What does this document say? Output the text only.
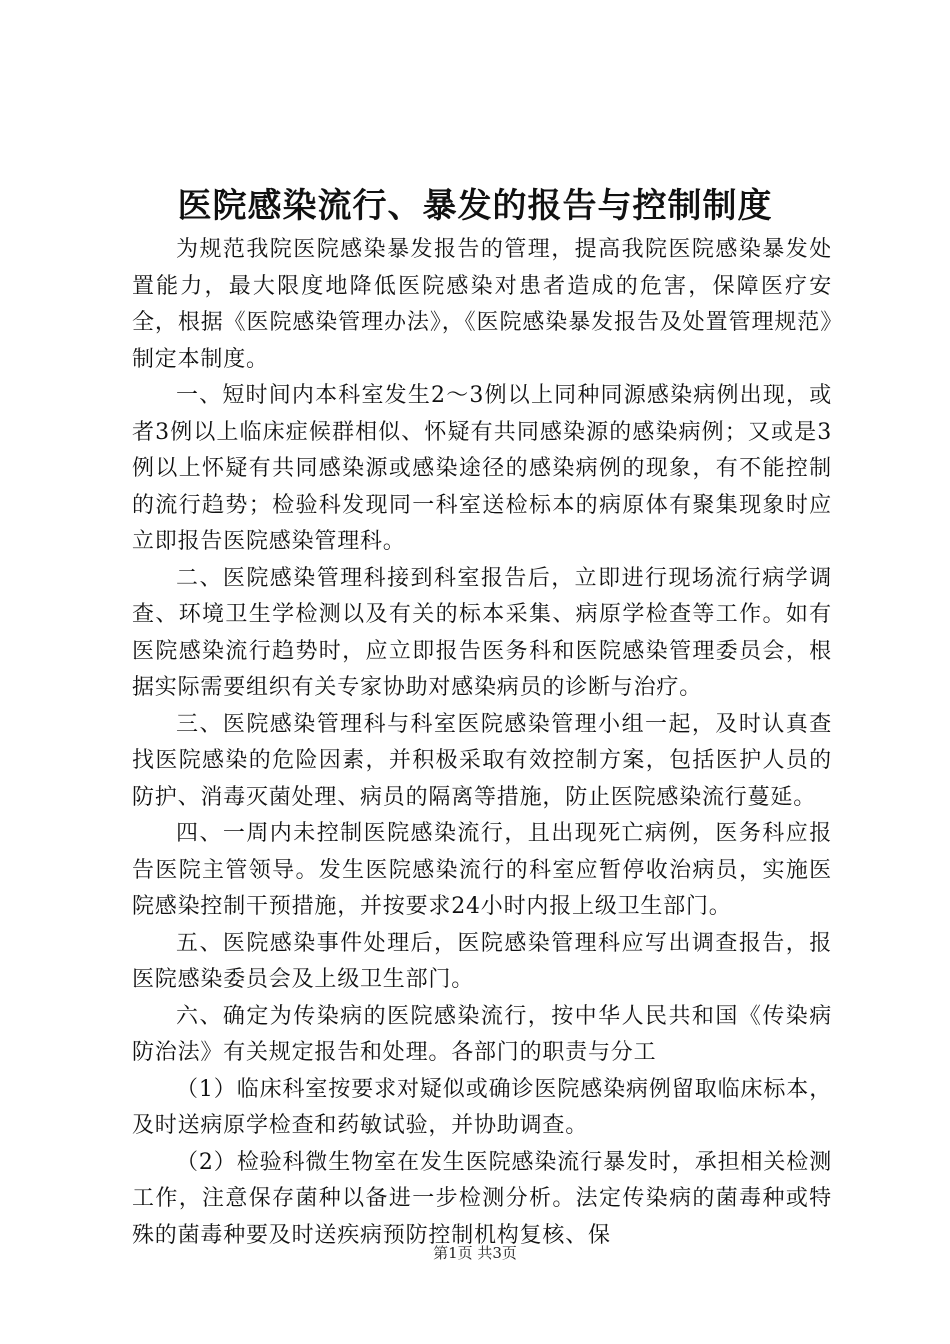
医院感染流行、暴发的报告与控制制度

为规范我院医院感染暴发报告的管理，提高我院医院感染暴发处置能力，最大限度地降低医院感染对患者造成的危害，保障医疗安全，根据《医院感染管理办法》，《医院感染暴发报告及处置管理规范》制定本制度。

一、短时间内本科室发生2～3例以上同种同源感染病例出现，或者3例以上临床症候群相似、怀疑有共同感染源的感染病例；又或是3例以上怀疑有共同感染源或感染途径的感染病例的现象，有不能控制的流行趋势；检验科发现同一科室送检标本的病原体有聚集现象时应立即报告医院感染管理科。

二、医院感染管理科接到科室报告后，立即进行现场流行病学调查、环境卫生学检测以及有关的标本采集、病原学检查等工作。如有医院感染流行趋势时，应立即报告医务科和医院感染管理委员会，根据实际需要组织有关专家协助对感染病员的诊断与治疗。

三、医院感染管理科与科室医院感染管理小组一起，及时认真查找医院感染的危险因素，并积极采取有效控制方案，包括医护人员的防护、消毒灭菌处理、病员的隔离等措施，防止医院感染流行蔓延。

四、一周内未控制医院感染流行，且出现死亡病例，医务科应报告医院主管领导。发生医院感染流行的科室应暂停收治病员，实施医院感染控制干预措施，并按要求24小时内报上级卫生部门。

五、医院感染事件处理后，医院感染管理科应写出调查报告，报医院感染委员会及上级卫生部门。

六、确定为传染病的医院感染流行，按中华人民共和国《传染病防治法》有关规定报告和处理。各部门的职责与分工

（1）临床科室按要求对疑似或确诊医院感染病例留取临床标本，及时送病原学检查和药敏试验，并协助调查。

（2）检验科微生物室在发生医院感染流行暴发时，承担相关检测工作，注意保存菌种以备进一步检测分析。法定传染病的菌毒种或特殊的菌毒种要及时送疾病预防控制机构复核、保

第1页 共3页
